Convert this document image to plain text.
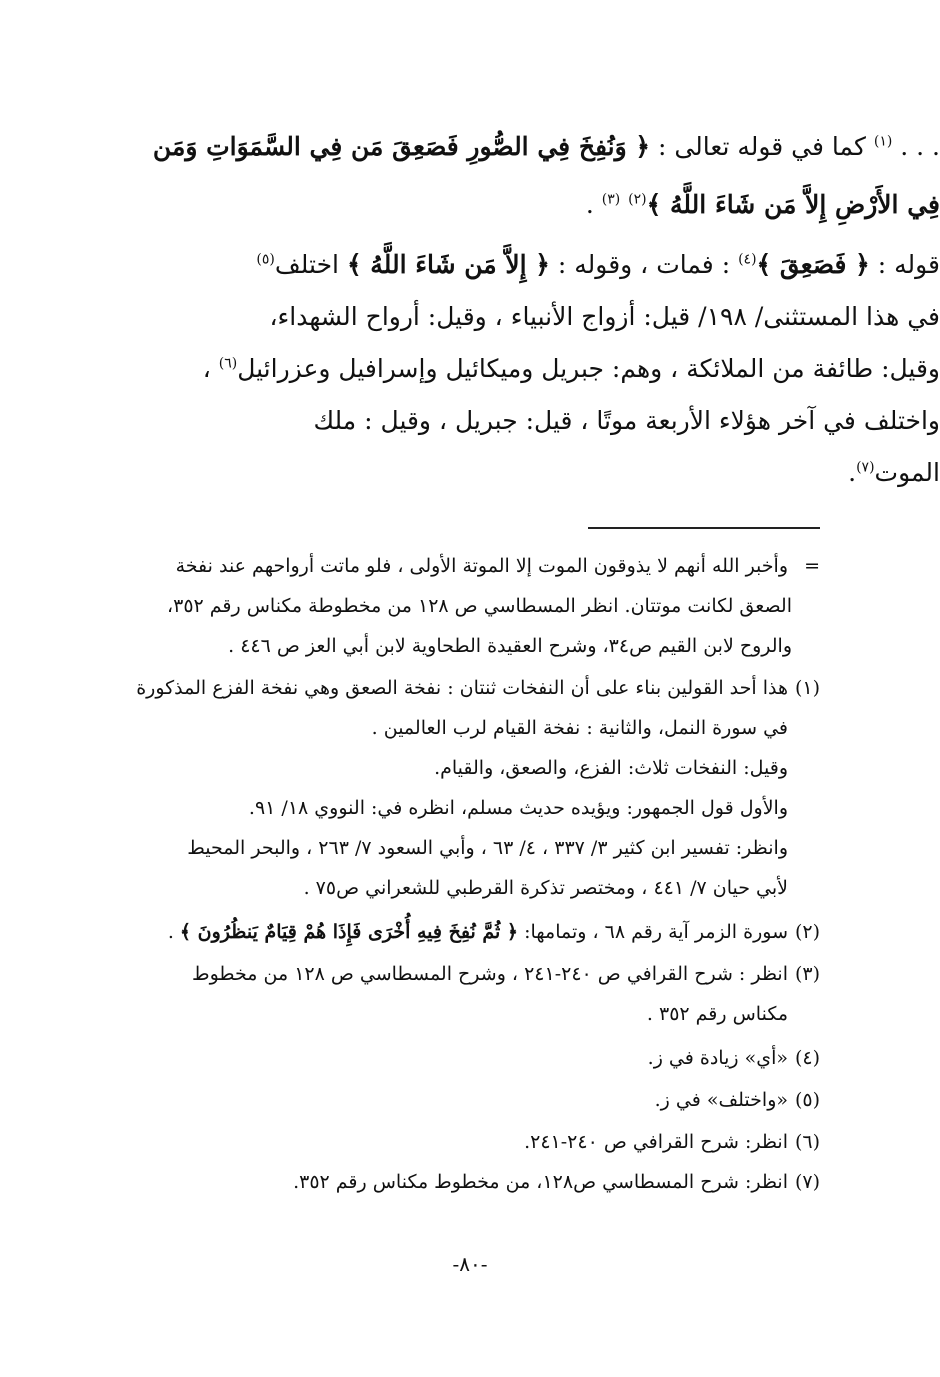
. . . $^{(١)}$ كما في قوله تعالى : ﴿ وَنُفِخَ فِي الصُّورِ فَصَعِقَ مَن فِي السَّمَوَاتِ وَمَن
فِي الأَرْضِ إِلاَّ مَن شَاءَ اللَّهُ ﴾$^{(٢)}$ $^{(٣)}$ .
قوله : ﴿ فَصَعِقَ ﴾$^{(٤)}$ : فمات ، وقوله : ﴿ إِلاَّ مَن شَاءَ اللَّهُ ﴾ اختلف$^{(٥)}$
في هذا المستثنى/ ١٩٨/ قيل: أزواج الأنبياء ، وقيل: أرواح الشهداء،
وقيل: طائفة من الملائكة ، وهم: جبريل وميكائيل وإسرافيل وعزرائيل$^{(٦)}$ ،
واختلف في آخر هؤلاء الأربعة موتًا ، قيل: جبريل ، وقيل : ملك
الموت$^{(٧)}$.
=وأخبر الله أنهم لا يذوقون الموت إلا الموتة الأولى ، فلو ماتت أرواحهم عند نفخة
الصعق لكانت موتتان. انظر المسطاسي ص ١٢٨ من مخطوطة مكناس رقم ٣٥٢،
والروح لابن القيم ص٣٤، وشرح العقيدة الطحاوية لابن أبي العز ص ٤٤٦ .
(١)هذا أحد القولين بناء على أن النفخات ثنتان : نفخة الصعق وهي نفخة الفزع المذكورة
في سورة النمل، والثانية : نفخة القيام لرب العالمين .
وقيل: النفخات ثلاث: الفزع، والصعق، والقيام.
والأول قول الجمهور: ويؤيده حديث مسلم، انظره في: النووي ١٨/ ٩١.
وانظر: تفسير ابن كثير ٣/ ٣٣٧ ، ٤/ ٦٣ ، وأبي السعود ٧/ ٢٦٣ ، والبحر المحيط
لأبي حيان ٧/ ٤٤١ ، ومختصر تذكرة القرطبي للشعراني ص٧٥ .
(٢)سورة الزمر آية رقم ٦٨ ، وتمامها: ﴿ ثُمَّ نُفِخَ فِيهِ أُخْرَى فَإِذَا هُمْ قِيَامٌ يَنظُرُونَ ﴾ .
(٣)انظر : شرح القرافي ص ٢٤٠-٢٤١ ، وشرح المسطاسي ص ١٢٨ من مخطوط
مكناس رقم ٣٥٢ .
(٤)«أي» زيادة في ز.
(٥)«واختلف» في ز.
(٦)انظر: شرح القرافي ص ٢٤٠-٢٤١.
(٧)انظر: شرح المسطاسي ص١٢٨، من مخطوط مكناس رقم ٣٥٢.
-٨٠-
